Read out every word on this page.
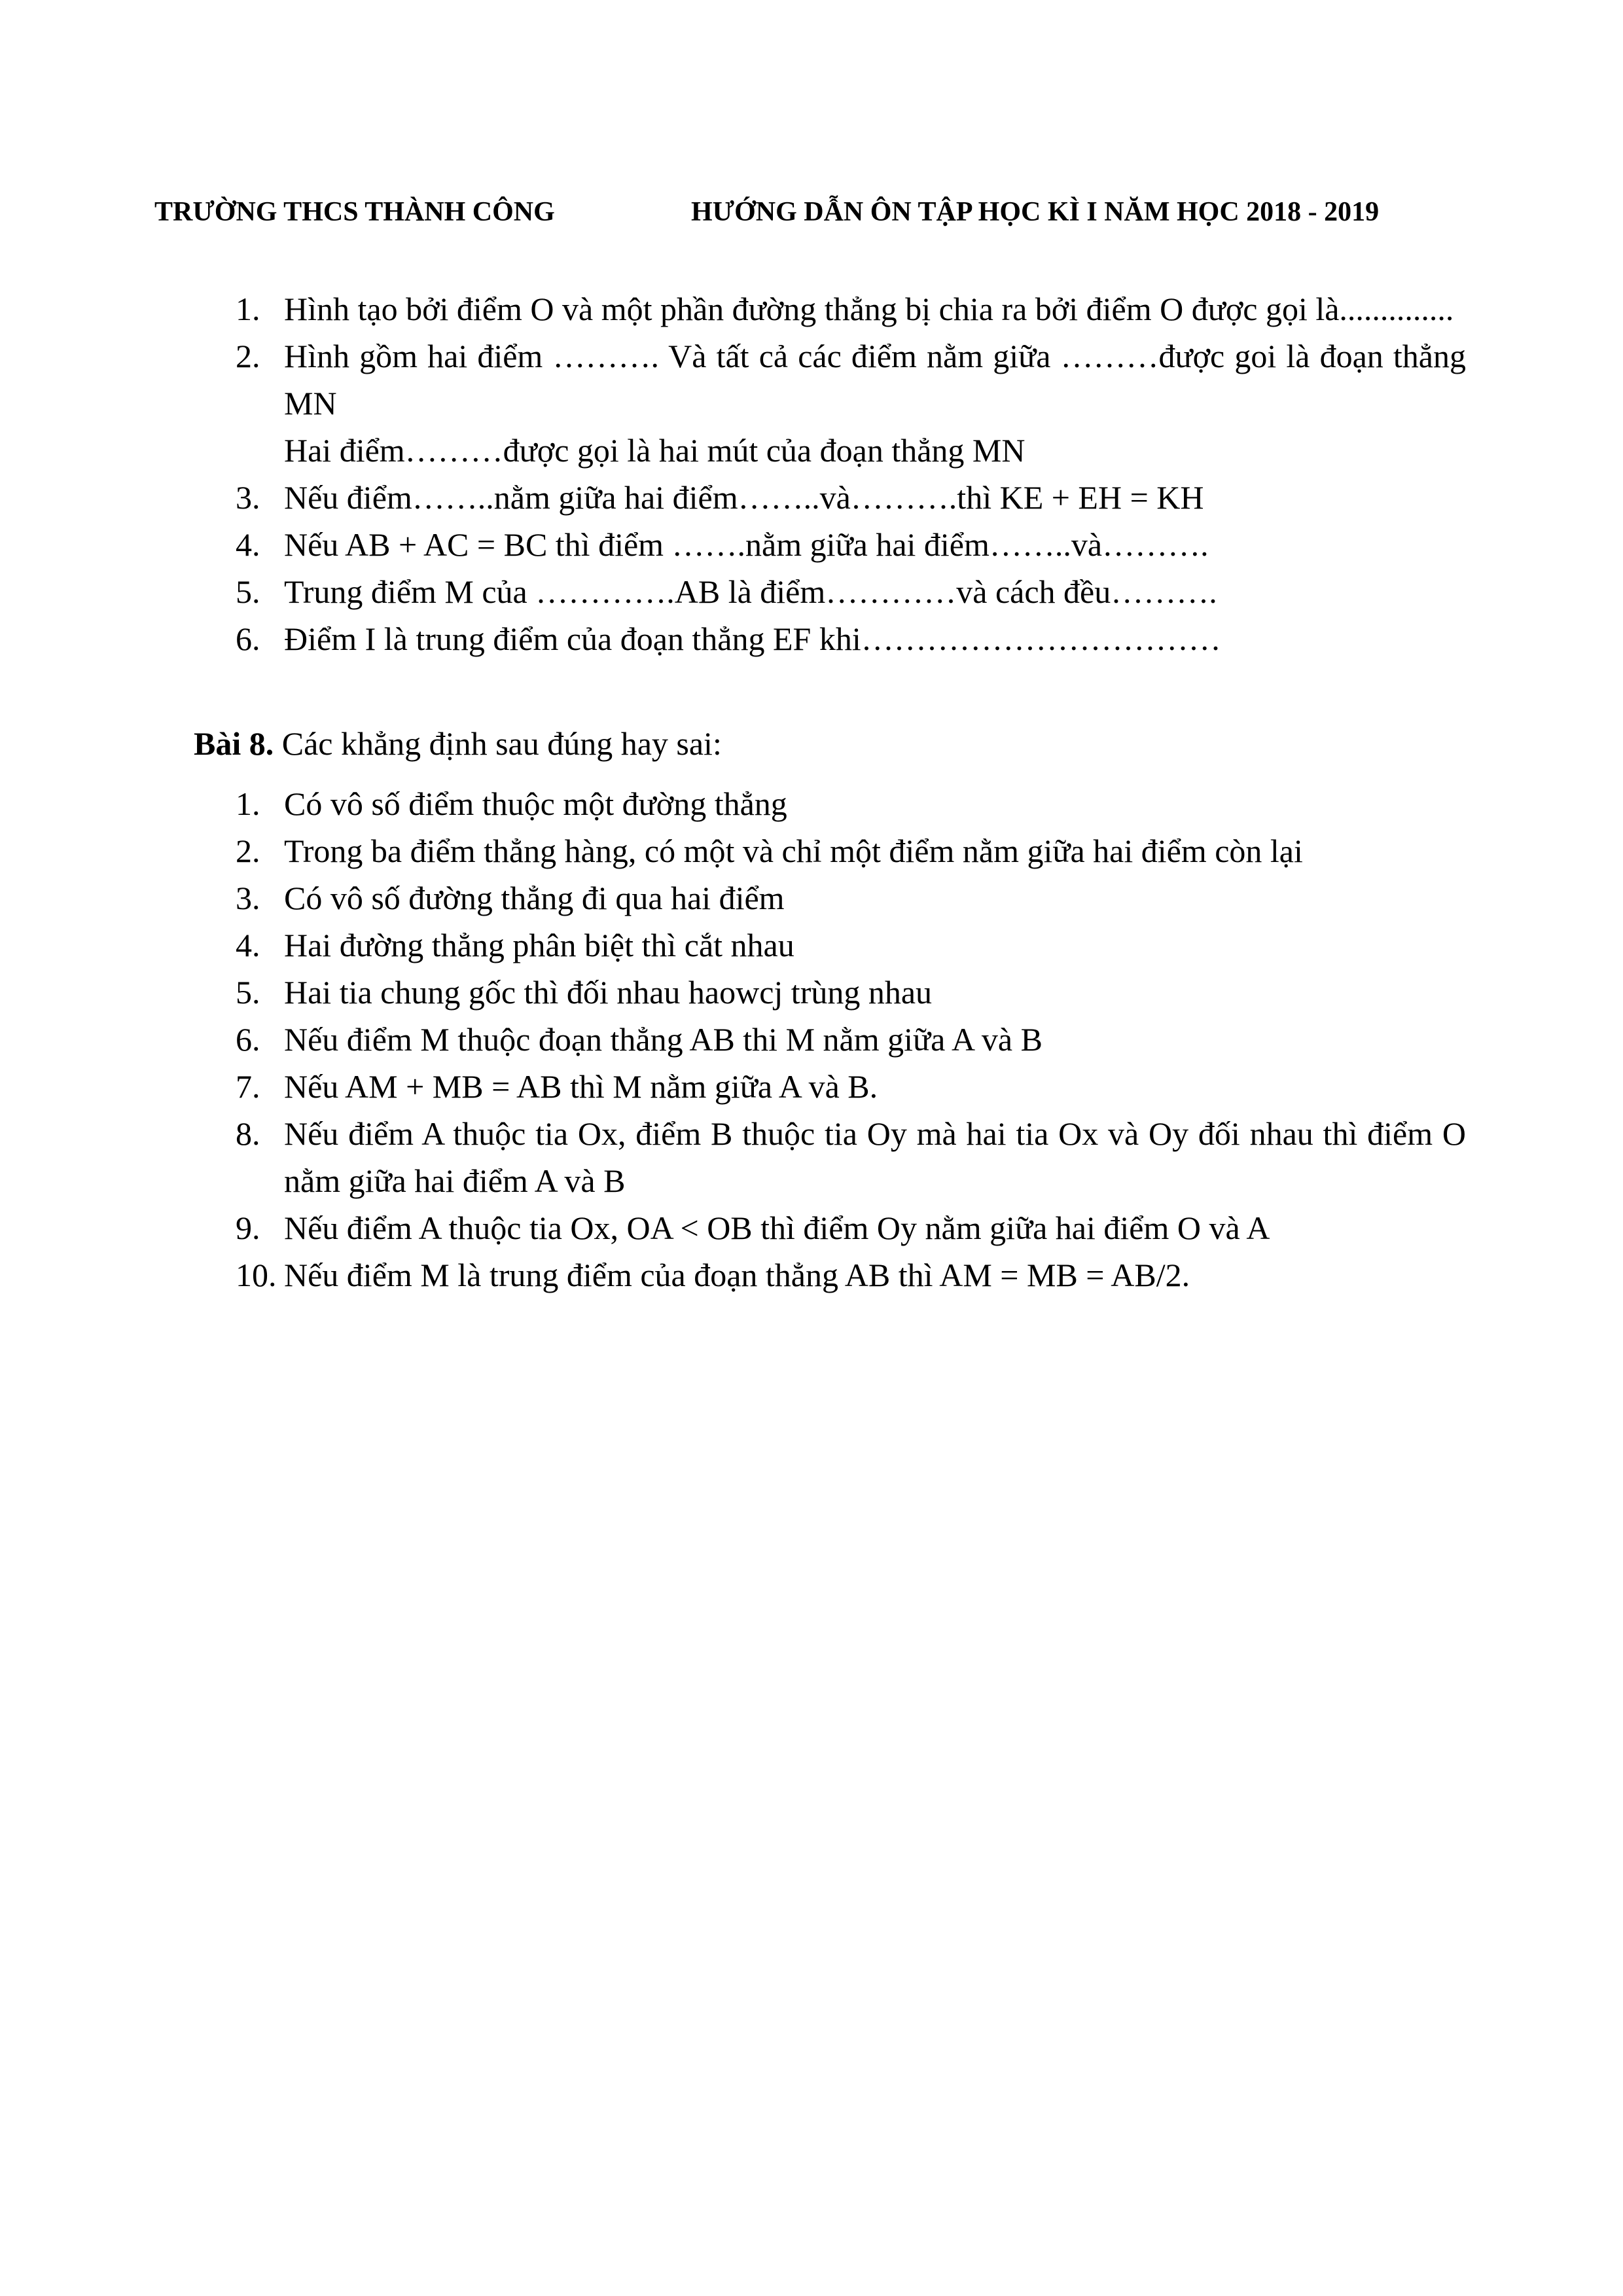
TRƯỜNG THCS THÀNH CÔNG	HƯỚNG DẪN ÔN TẬP HỌC KÌ I NĂM HỌC 2018 - 2019
1. Hình tạo bởi điểm O và một phần đường thẳng bị chia ra bởi điểm O được gọi là..............
2. Hình gồm hai điểm ………. Và tất cả các điểm nằm giữa ………được goi là đoạn thẳng MN
Hai điểm………được gọi là hai mút của đoạn thẳng MN
3. Nếu điểm……..nằm giữa hai điểm……..và……….thì KE + EH = KH
4. Nếu AB + AC = BC thì điểm …….nằm giữa hai điểm……..và……….
5. Trung điểm M của ………….AB là điểm…………và cách đều……….
6. Điểm I là trung điểm của đoạn thẳng EF khi……………………………
Bài 8. Các khẳng định sau đúng hay sai:
1. Có vô số điểm thuộc một đường thẳng
2. Trong ba điểm thẳng hàng, có một và chỉ một điểm nằm giữa hai điểm còn lại
3. Có vô số đường thẳng đi qua hai điểm
4. Hai đường thẳng phân biệt thì cắt nhau
5. Hai tia chung gốc thì đối nhau haowcj trùng nhau
6. Nếu điểm M thuộc đoạn thẳng AB thi M nằm giữa A và B
7. Nếu AM + MB = AB thì M nằm giữa A và B.
8. Nếu điểm A thuộc tia Ox, điểm B thuộc tia Oy mà hai tia Ox và Oy đối nhau thì điểm O nằm giữa hai điểm A và B
9. Nếu điểm A thuộc tia Ox, OA < OB thì điểm Oy nằm giữa hai điểm O và A
10. Nếu điểm M là trung điểm của đoạn thẳng AB thì AM = MB = AB/2.
